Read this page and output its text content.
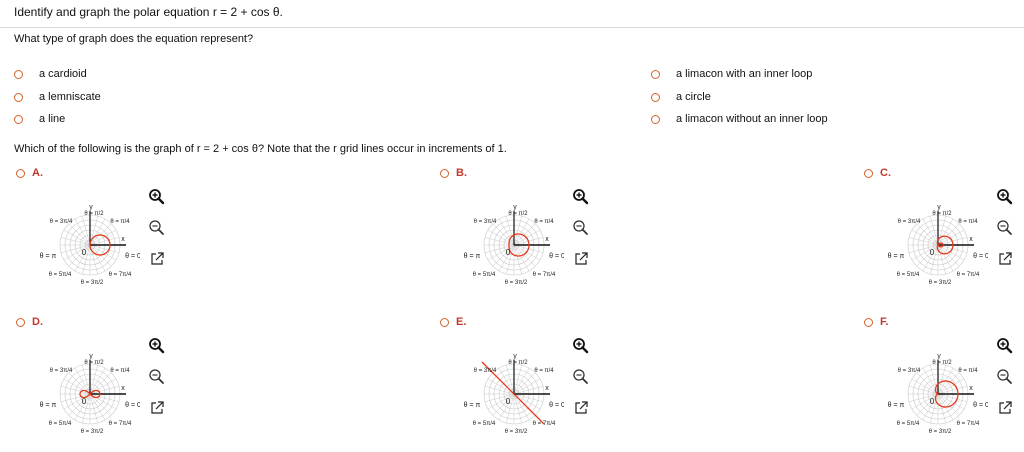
Identify and graph the polar equation r = 2 + cos θ.
What type of graph does the equation represent?
a cardioid
a lemniscate
a line
a limacon with an inner loop
a circle
a limacon without an inner loop
Which of the following is the graph of r = 2 + cos θ? Note that the r grid lines occur in increments of 1.
A.	B.	C.
D.	E.	F.
y
x
0	θ = 0
θ = π
θ = π/4
θ = π/2
θ = 3π/4
θ = 5π/4
θ = 3π/2
θ = 7π/4
y
x
0	θ = 0
θ = π
θ = π/4
θ = π/2
θ = 3π/4
θ = 5π/4
θ = 3π/2
θ = 7π/4
y
x
0	θ = 0
θ = π
θ = π/4
θ = π/2
θ = 3π/4
θ = 5π/4
θ = 3π/2
θ = 7π/4
y
x
0	θ = 0
θ = π
θ = π/4
θ = π/2
θ = 3π/4
θ = 5π/4
θ = 3π/2
θ = 7π/4
y
x
0	θ = 0
θ = π
θ = π/4
θ = π/2
θ = 3π/4
θ = 5π/4
θ = 3π/2
θ = 7π/4
y
x
0	θ = 0
θ = π
θ = π/4
θ = π/2
θ = 3π/4
θ = 5π/4
θ = 3π/2
θ = 7π/4
